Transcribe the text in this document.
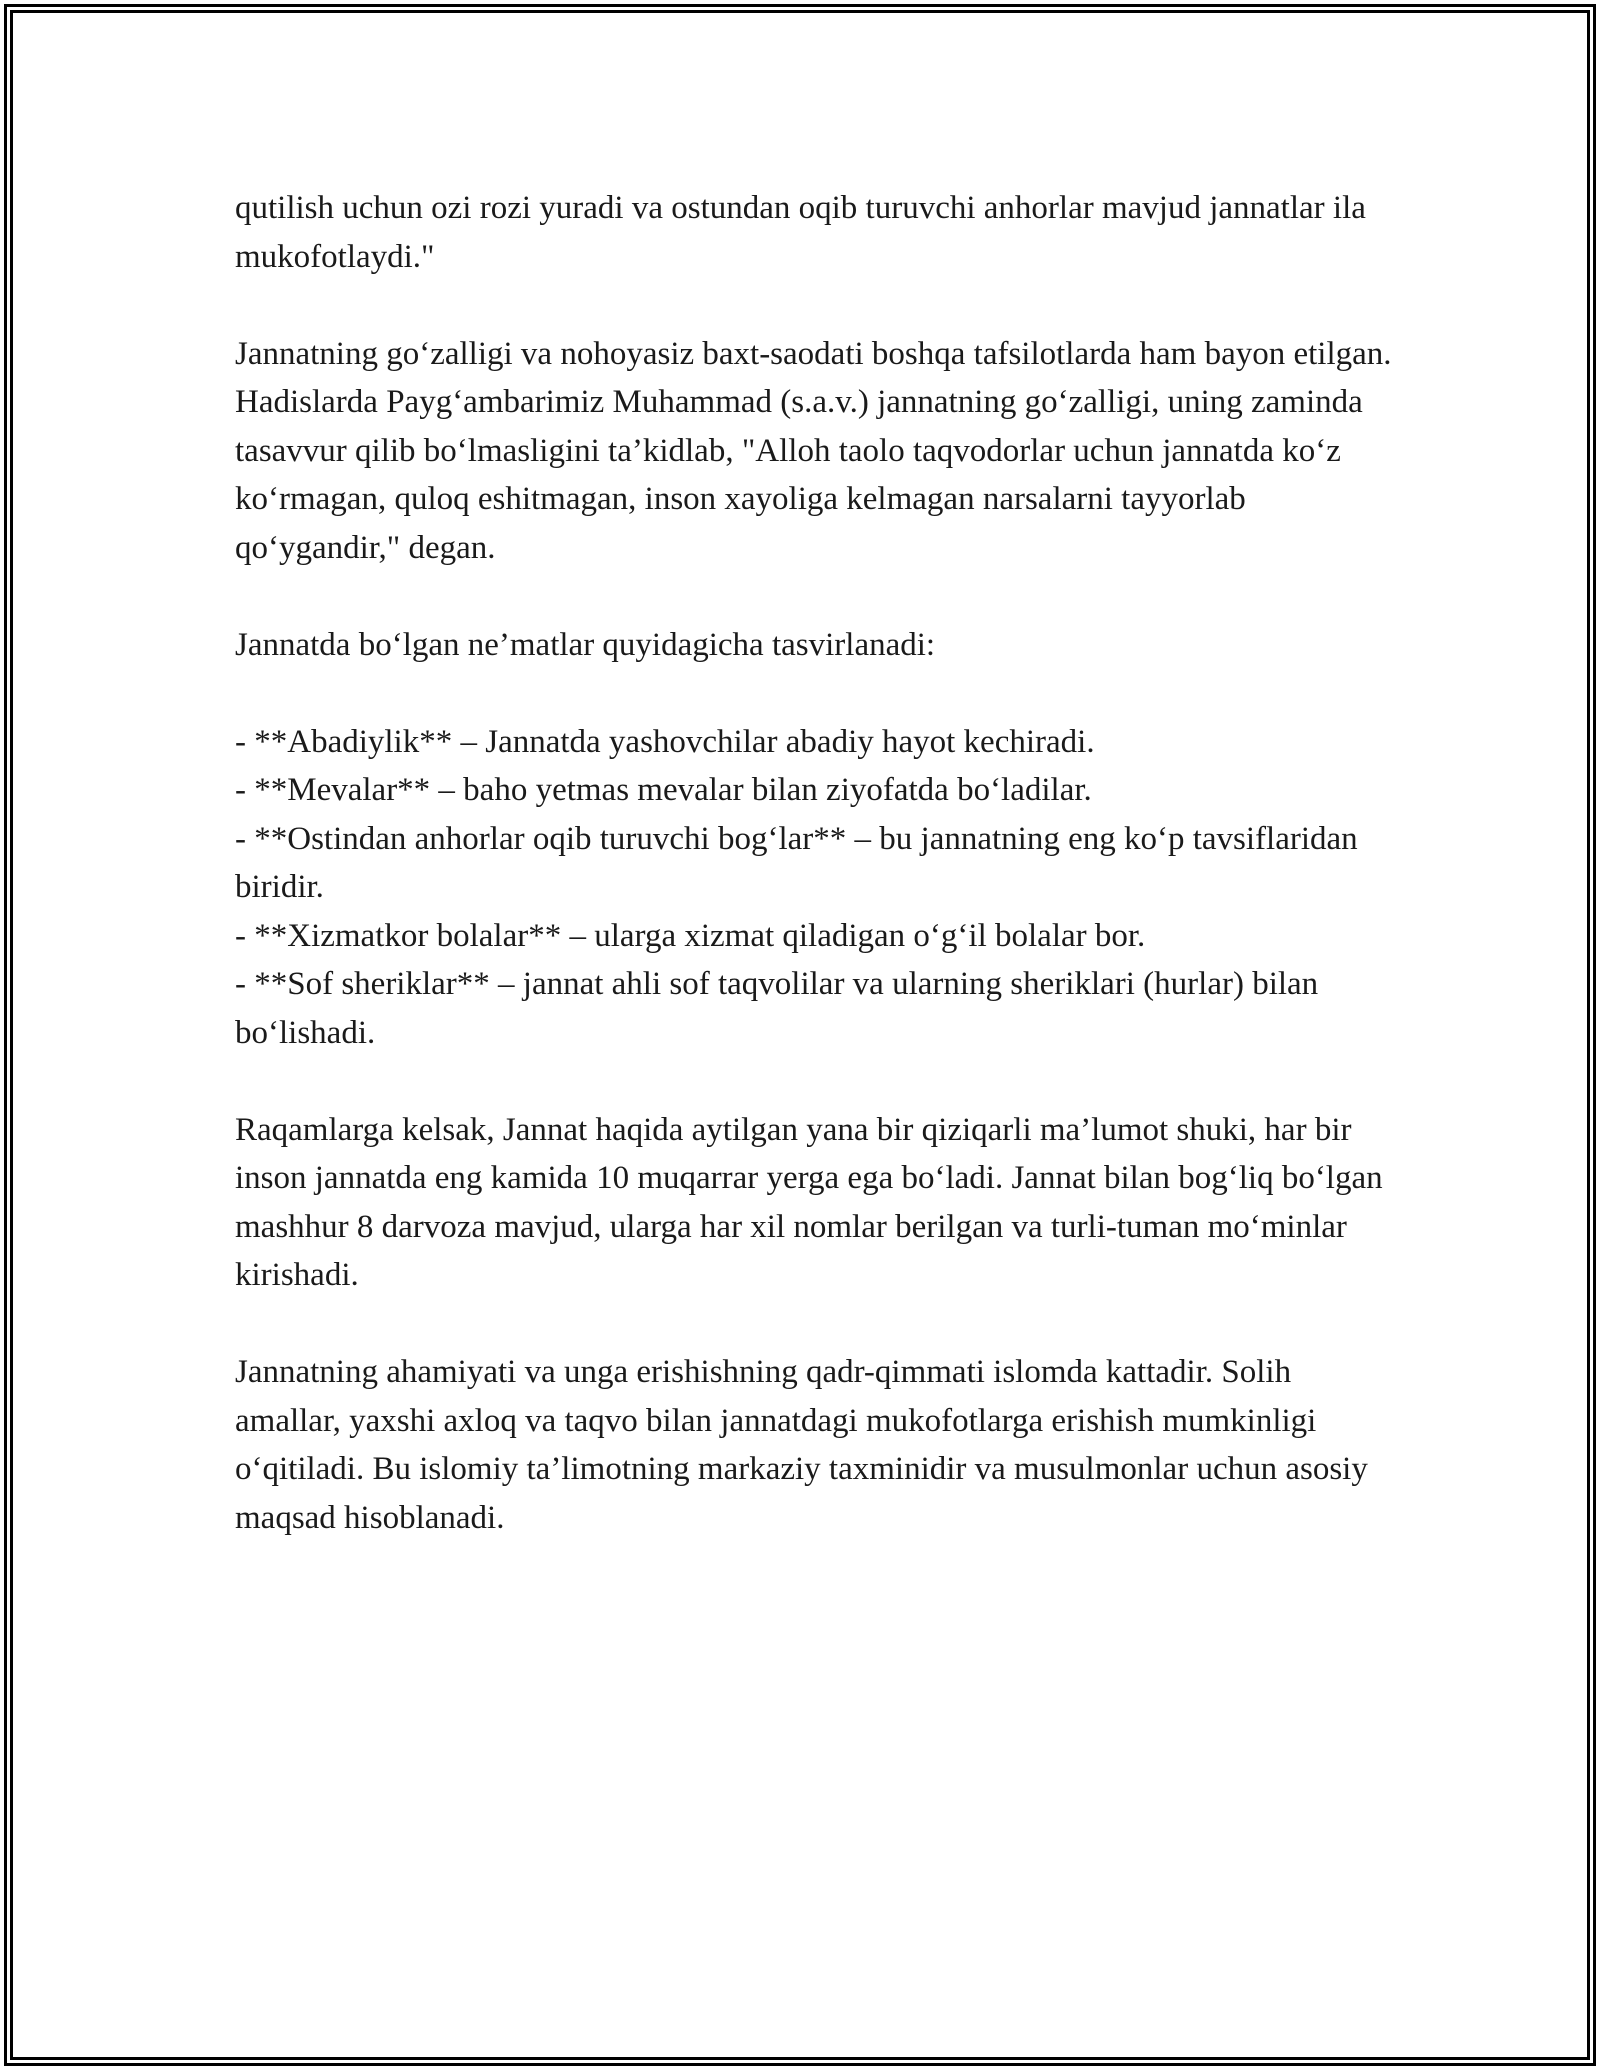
qutilish uchun ozi rozi yuradi va ostundan oqib turuvchi anhorlar mavjud jannatlar ila mukofotlaydi."

Jannatning go‘zalligi va nohoyasiz baxt-saodati boshqa tafsilotlarda ham bayon etilgan. Hadislarda Payg‘ambarimiz Muhammad (s.a.v.) jannatning go‘zalligi, uning zaminda tasavvur qilib bo‘lmasligini ta’kidlab, "Alloh taolo taqvodorlar uchun jannatda ko‘z ko‘rmagan, quloq eshitmagan, inson xayoliga kelmagan narsalarni tayyorlab qo‘ygandir," degan.

Jannatda bo‘lgan ne’matlar quyidagicha tasvirlanadi:

- **Abadiylik** – Jannatda yashovchilar abadiy hayot kechiradi.
- **Mevalar** – baho yetmas mevalar bilan ziyofatda bo‘ladilar.
- **Ostindan anhorlar oqib turuvchi bog‘lar** – bu jannatning eng ko‘p tavsiflaridan biridir.
- **Xizmatkor bolalar** – ularga xizmat qiladigan o‘g‘il bolalar bor.
- **Sof sheriklar** – jannat ahli sof taqvolilar va ularning sheriklari (hurlar) bilan bo‘lishadi.

Raqamlarga kelsak, Jannat haqida aytilgan yana bir qiziqarli ma’lumot shuki, har bir inson jannatda eng kamida 10 muqarrar yerga ega bo‘ladi. Jannat bilan bog‘liq bo‘lgan mashhur 8 darvoza mavjud, ularga har xil nomlar berilgan va turli-tuman mo‘minlar kirishadi.

Jannatning ahamiyati va unga erishishning qadr-qimmati islomda kattadir. Solih amallar, yaxshi axloq va taqvo bilan jannatdagi mukofotlarga erishish mumkinligi o‘qitiladi. Bu islomiy ta’limotning markaziy taxminidir va musulmonlar uchun asosiy maqsad hisoblanadi.
